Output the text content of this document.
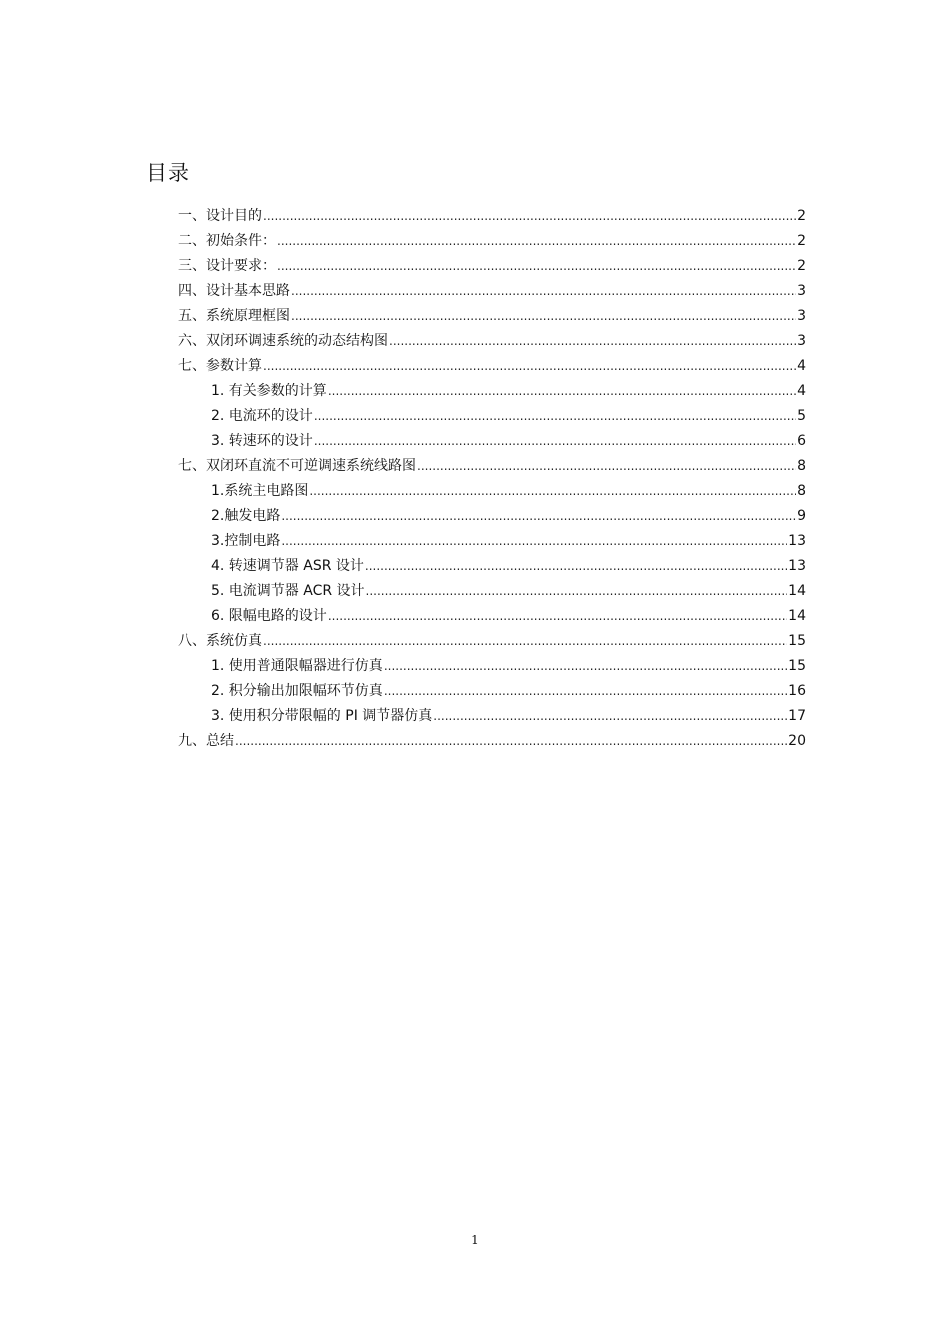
目录
一、设计目的 .....	2
二、初始条件： .....	2
三、设计要求： .....	2
四、设计基本思路 .....	3
五、系统原理框图 .....	3
六、双闭环调速系统的动态结构图 .....	3
七、参数计算 .....	4
1. 有关参数的计算 .....	4
2. 电流环的设计 .....	5
3. 转速环的设计 .....	6
七、双闭环直流不可逆调速系统线路图 .....	8
1.系统主电路图 .....	8
2.触发电路 .....	9
3.控制电路 .....	13
4. 转速调节器 ASR 设计 .....	13
5. 电流调节器 ACR 设计 .....	14
6. 限幅电路的设计 .....	14
八、系统仿真 .....	15
1. 使用普通限幅器进行仿真 .....	15
2. 积分输出加限幅环节仿真 .....	16
3. 使用积分带限幅的 PI 调节器仿真 .....	17
九、总结 .....	20
1
